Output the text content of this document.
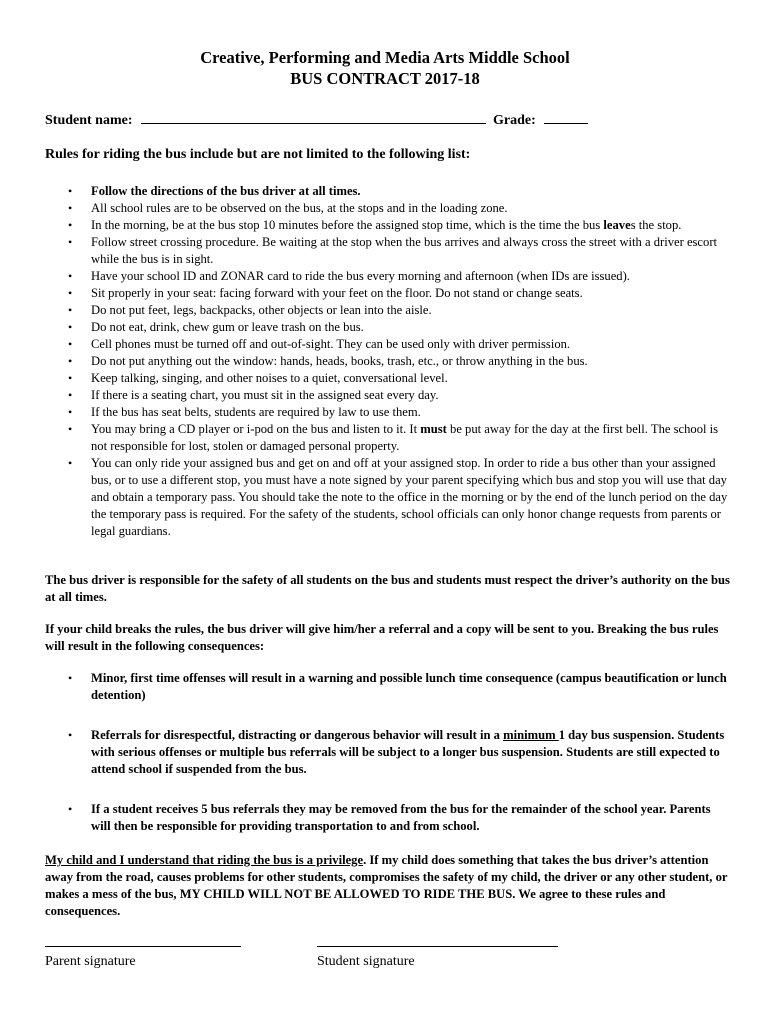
Creative, Performing and Media Arts Middle School
BUS CONTRACT 2017-18
Student name:	Grade:

Rules for riding the bus include but are not limited to the following list:

• Follow the directions of the bus driver at all times.
• All school rules are to be observed on the bus, at the stops and in the loading zone.
• In the morning, be at the bus stop 10 minutes before the assigned stop time, which is the time the bus leaves the stop.
• Follow street crossing procedure. Be waiting at the stop when the bus arrives and always cross the street with a driver escort while the bus is in sight.
• Have your school ID and ZONAR card to ride the bus every morning and afternoon (when IDs are issued).
• Sit properly in your seat: facing forward with your feet on the floor. Do not stand or change seats.
• Do not put feet, legs, backpacks, other objects or lean into the aisle.
• Do not eat, drink, chew gum or leave trash on the bus.
• Cell phones must be turned off and out-of-sight. They can be used only with driver permission.
• Do not put anything out the window: hands, heads, books, trash, etc., or throw anything in the bus.
• Keep talking, singing, and other noises to a quiet, conversational level.
• If there is a seating chart, you must sit in the assigned seat every day.
• If the bus has seat belts, students are required by law to use them.
• You may bring a CD player or i-pod on the bus and listen to it. It must be put away for the day at the first bell. The school is not responsible for lost, stolen or damaged personal property.
• You can only ride your assigned bus and get on and off at your assigned stop. In order to ride a bus other than your assigned bus, or to use a different stop, you must have a note signed by your parent specifying which bus and stop you will use that day and obtain a temporary pass. You should take the note to the office in the morning or by the end of the lunch period on the day the temporary pass is required. For the safety of the students, school officials can only honor change requests from parents or legal guardians.

The bus driver is responsible for the safety of all students on the bus and students must respect the driver’s authority on the bus at all times.

If your child breaks the rules, the bus driver will give him/her a referral and a copy will be sent to you. Breaking the bus rules will result in the following consequences:

• Minor, first time offenses will result in a warning and possible lunch time consequence (campus beautification or lunch detention)
• Referrals for disrespectful, distracting or dangerous behavior will result in a minimum 1 day bus suspension. Students with serious offenses or multiple bus referrals will be subject to a longer bus suspension. Students are still expected to attend school if suspended from the bus.
• If a student receives 5 bus referrals they may be removed from the bus for the remainder of the school year. Parents will then be responsible for providing transportation to and from school.

My child and I understand that riding the bus is a privilege. If my child does something that takes the bus driver’s attention away from the road, causes problems for other students, compromises the safety of my child, the driver or any other student, or makes a mess of the bus, MY CHILD WILL NOT BE ALLOWED TO RIDE THE BUS. We agree to these rules and consequences.

Parent signature	Student signature
